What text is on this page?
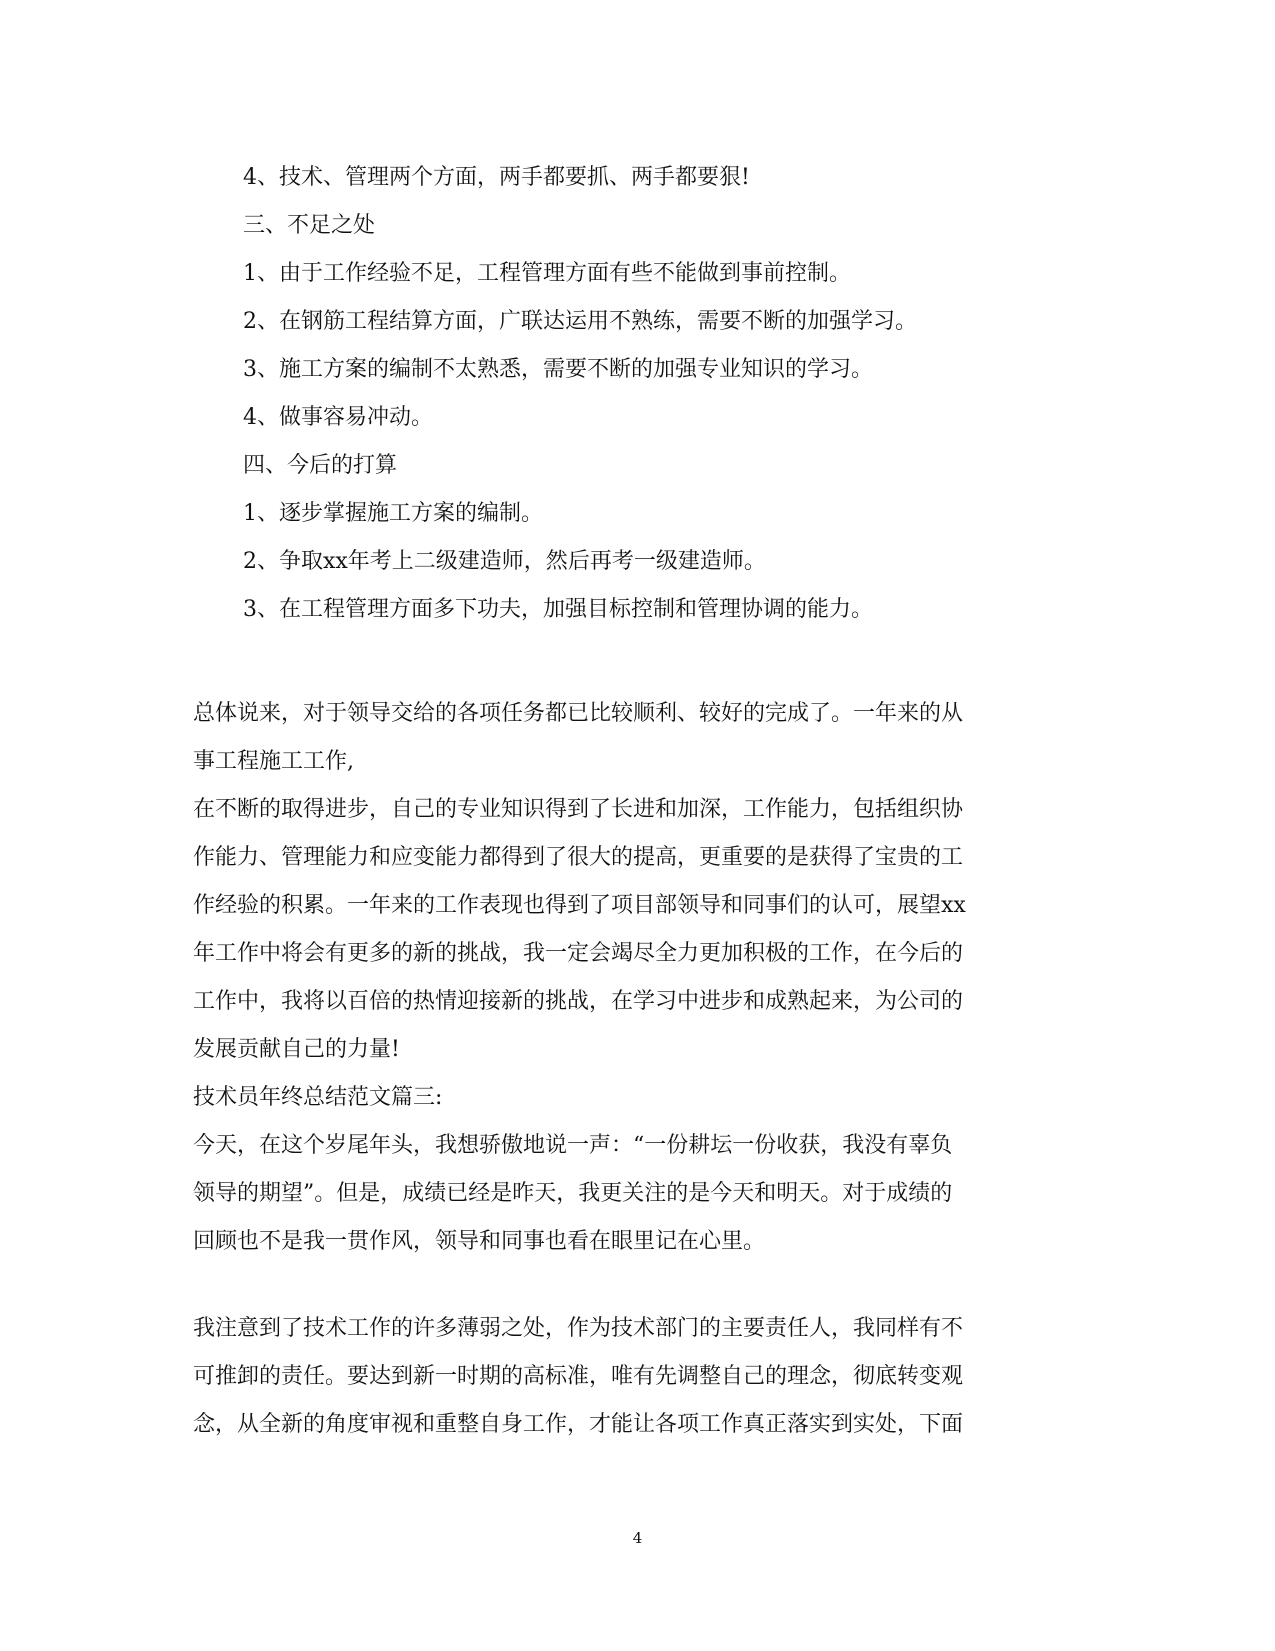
4、技术、管理两个方面，两手都要抓、两手都要狠!
三、不足之处
1、由于工作经验不足，工程管理方面有些不能做到事前控制。
2、在钢筋工程结算方面，广联达运用不熟练，需要不断的加强学习。
3、施工方案的编制不太熟悉，需要不断的加强专业知识的学习。
4、做事容易冲动。
四、今后的打算
1、逐步掌握施工方案的编制。
2、争取xx年考上二级建造师，然后再考一级建造师。
3、在工程管理方面多下功夫，加强目标控制和管理协调的能力。
总体说来，对于领导交给的各项任务都已比较顺利、较好的完成了。一年来的从
事工程施工工作,
在不断的取得进步，自己的专业知识得到了长进和加深，工作能力，包括组织协
作能力、管理能力和应变能力都得到了很大的提高，更重要的是获得了宝贵的工
作经验的积累。一年来的工作表现也得到了项目部领导和同事们的认可，展望xx
年工作中将会有更多的新的挑战，我一定会竭尽全力更加积极的工作，在今后的
工作中，我将以百倍的热情迎接新的挑战，在学习中进步和成熟起来，为公司的
发展贡献自己的力量!
技术员年终总结范文篇三:
今天，在这个岁尾年头，我想骄傲地说一声：“一份耕坛一份收获，我没有辜负
领导的期望”。但是，成绩已经是昨天，我更关注的是今天和明天。对于成绩的
回顾也不是我一贯作风，领导和同事也看在眼里记在心里。
我注意到了技术工作的许多薄弱之处，作为技术部门的主要责任人，我同样有不
可推卸的责任。要达到新一时期的高标准，唯有先调整自己的理念，彻底转变观
念，从全新的角度审视和重整自身工作，才能让各项工作真正落实到实处，下面
4
